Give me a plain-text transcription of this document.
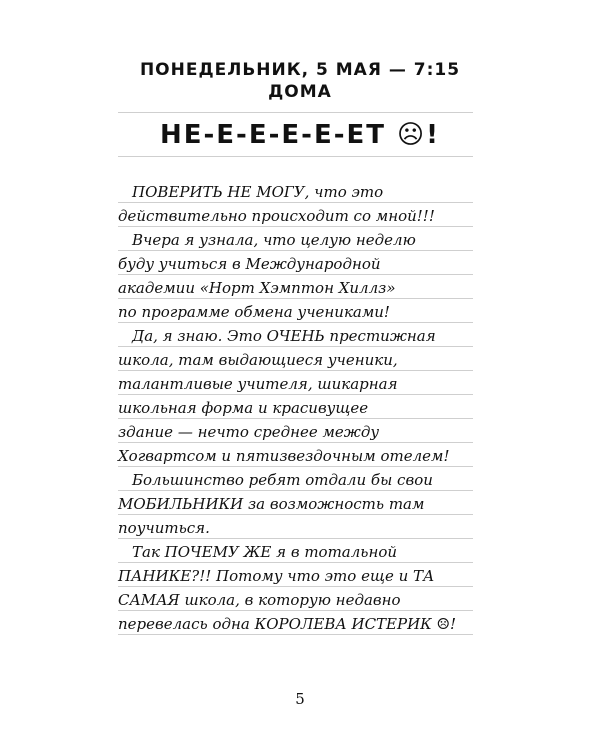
ПОНЕДЕЛЬНИК, 5 МАЯ — 7:15
ДОМА
НЕ-Е-Е-Е-Е-ЕТ ☹!
ПОВЕРИТЬ НЕ МОГУ, что это
действительно происходит со мной!!!
Вчера я узнала, что целую неделю
буду учиться в Международной
академии «Норт Хэмптон Хиллз»
по программе обмена учениками!
Да, я знаю. Это ОЧЕНЬ престижная
школа, там выдающиеся ученики,
талантливые учителя, шикарная
школьная форма и красивущее
здание — нечто среднее между
Хогвартсом и пятизвездочным отелем!
Большинство ребят отдали бы свои
МОБИЛЬНИКИ за возможность там
поучиться.
Так ПОЧЕМУ ЖЕ я в тотальной
ПАНИКЕ?!! Потому что это еще и ТА
САМАЯ школа, в которую недавно
перевелась одна КОРОЛЕВА ИСТЕРИК ☹!
5
